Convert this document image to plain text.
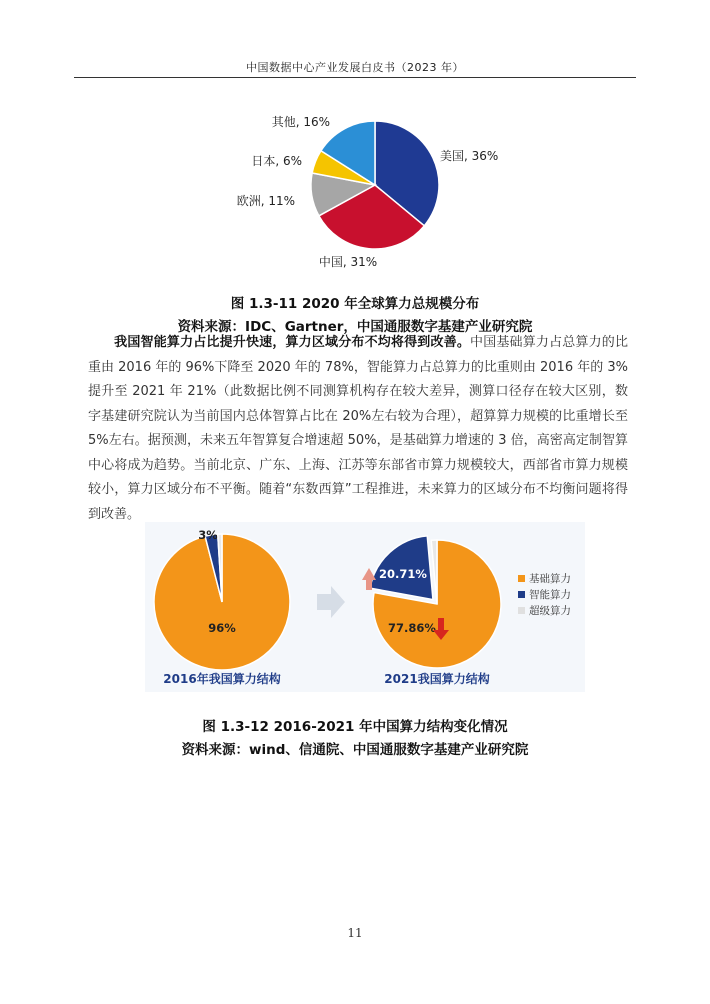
中国数据中心产业发展白皮书（2023 年）
美国, 36%
中国, 31%
欧洲, 11%
日本, 6%
其他, 16%
图 1.3-11 2020 年全球算力总规模分布
资料来源：IDC、Gartner，中国通服数字基建产业研究院
我国智能算力占比提升快速，算力区域分布不均将得到改善。中国基础算力占总算力的比重由 2016 年的 96%下降至 2020 年的 78%，智能算力占总算力的比重则由 2016 年的 3%提升至 2021 年 21%（此数据比例不同测算机构存在较大差异，测算口径存在较大区别，数字基建研究院认为当前国内总体智算占比在 20%左右较为合理），超算算力规模的比重增长至 5%左右。据预测，未来五年智算复合增速超 50%，是基础算力增速的 3 倍，高密高定制智算中心将成为趋势。当前北京、广东、上海、江苏等东部省市算力规模较大，西部省市算力规模较小，算力区域分布不平衡。随着“东数西算”工程推进，未来算力的区域分布不均衡问题将得到改善。
96%
3%
77.86%
20.71%
2016年我国算力结构	2021我国算力结构
基础算力
智能算力
超级算力
图 1.3-12 2016-2021 年中国算力结构变化情况
资料来源：wind、信通院、中国通服数字基建产业研究院
11
